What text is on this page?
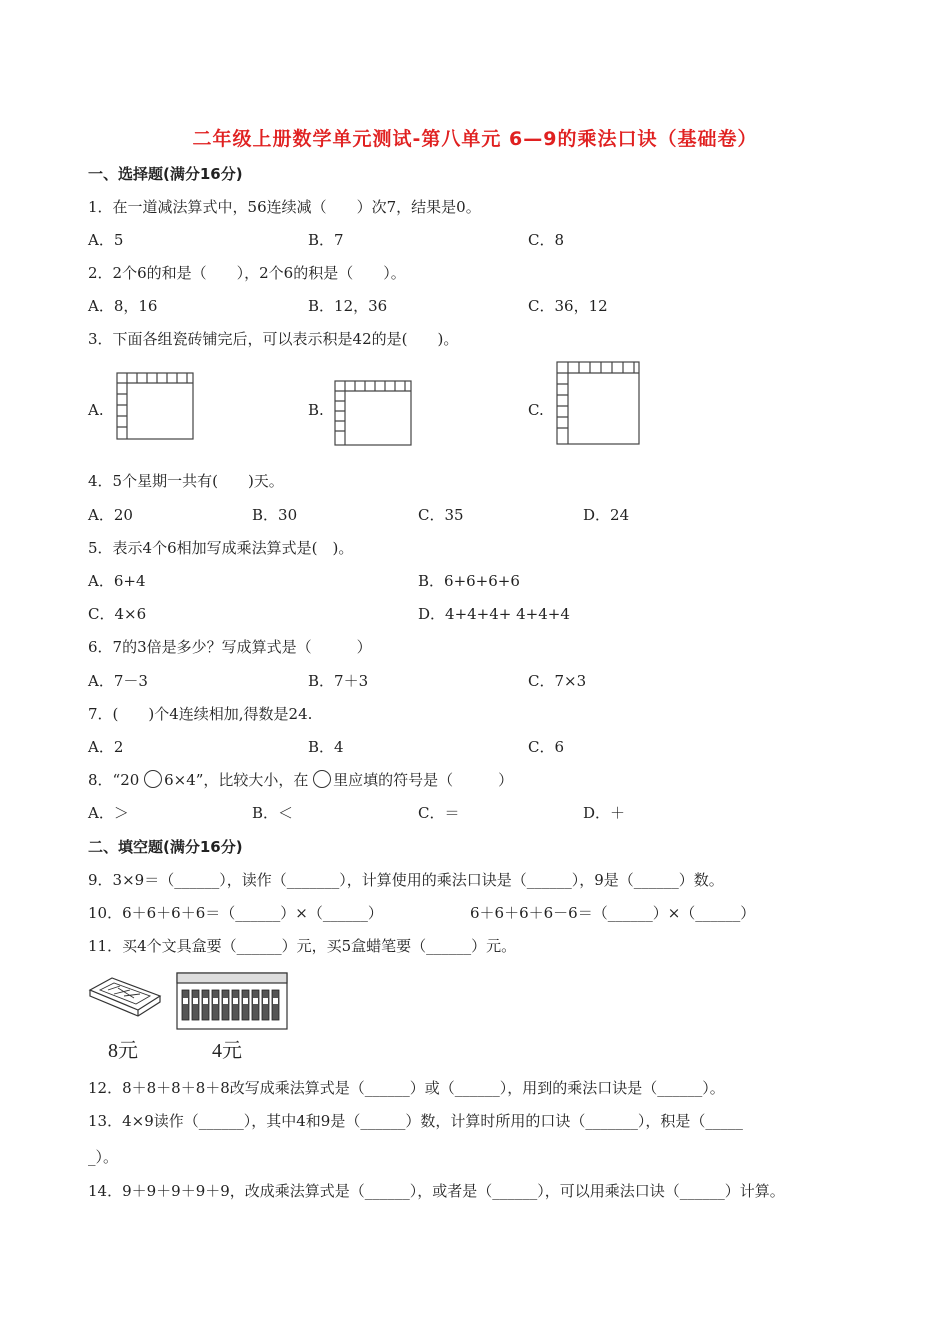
二年级上册数学单元测试-第八单元 6—9的乘法口诀（基础卷）
一、选择题(满分16分)
1．在一道减法算式中，56连续减（　　）次7，结果是0。
A．5	B．7	C．8
2．2个6的和是（　　），2个6的积是（　　）。
A．8，16	B．12，36	C．36，12
3．下面各组瓷砖铺完后，可以表示积是42的是(　　)。
A.	B.	C.
4．5个星期一共有(　　)天。
A．20	B．30	C．35	D．24
5．表示4个6相加写成乘法算式是(　)。
A．6+4	B．6+6+6+6
C．4×6	D．4+4+4+ 4+4+4
6．7的3倍是多少？写成算式是（　　　）
A．7－3	B．7＋3	C．7×3
7．(　　)个4连续相加,得数是24.
A．2	B．4	C．6
8．“20 6×4”，比较大小，在 里应填的符号是（　　　）
A．＞	B．＜	C．＝	D．＋
二、填空题(满分16分)
9．3×9＝（______），读作（_______），计算使用的乘法口诀是（______），9是（______）数。
10．6＋6＋6＋6＝（______）×（______）	6＋6＋6＋6－6＝（______）×（______）
11．买4个文具盒要（______）元，买5盒蜡笔要（______）元。
8元	4元
12．8＋8＋8＋8＋8改写成乘法算式是（______）或（______），用到的乘法口诀是（______）。
13．4×9读作（______），其中4和9是（______）数，计算时所用的口诀（_______），积是（_____
_）。
14．9＋9＋9＋9＋9，改成乘法算式是（______），或者是（______），可以用乘法口诀（______）计算。
